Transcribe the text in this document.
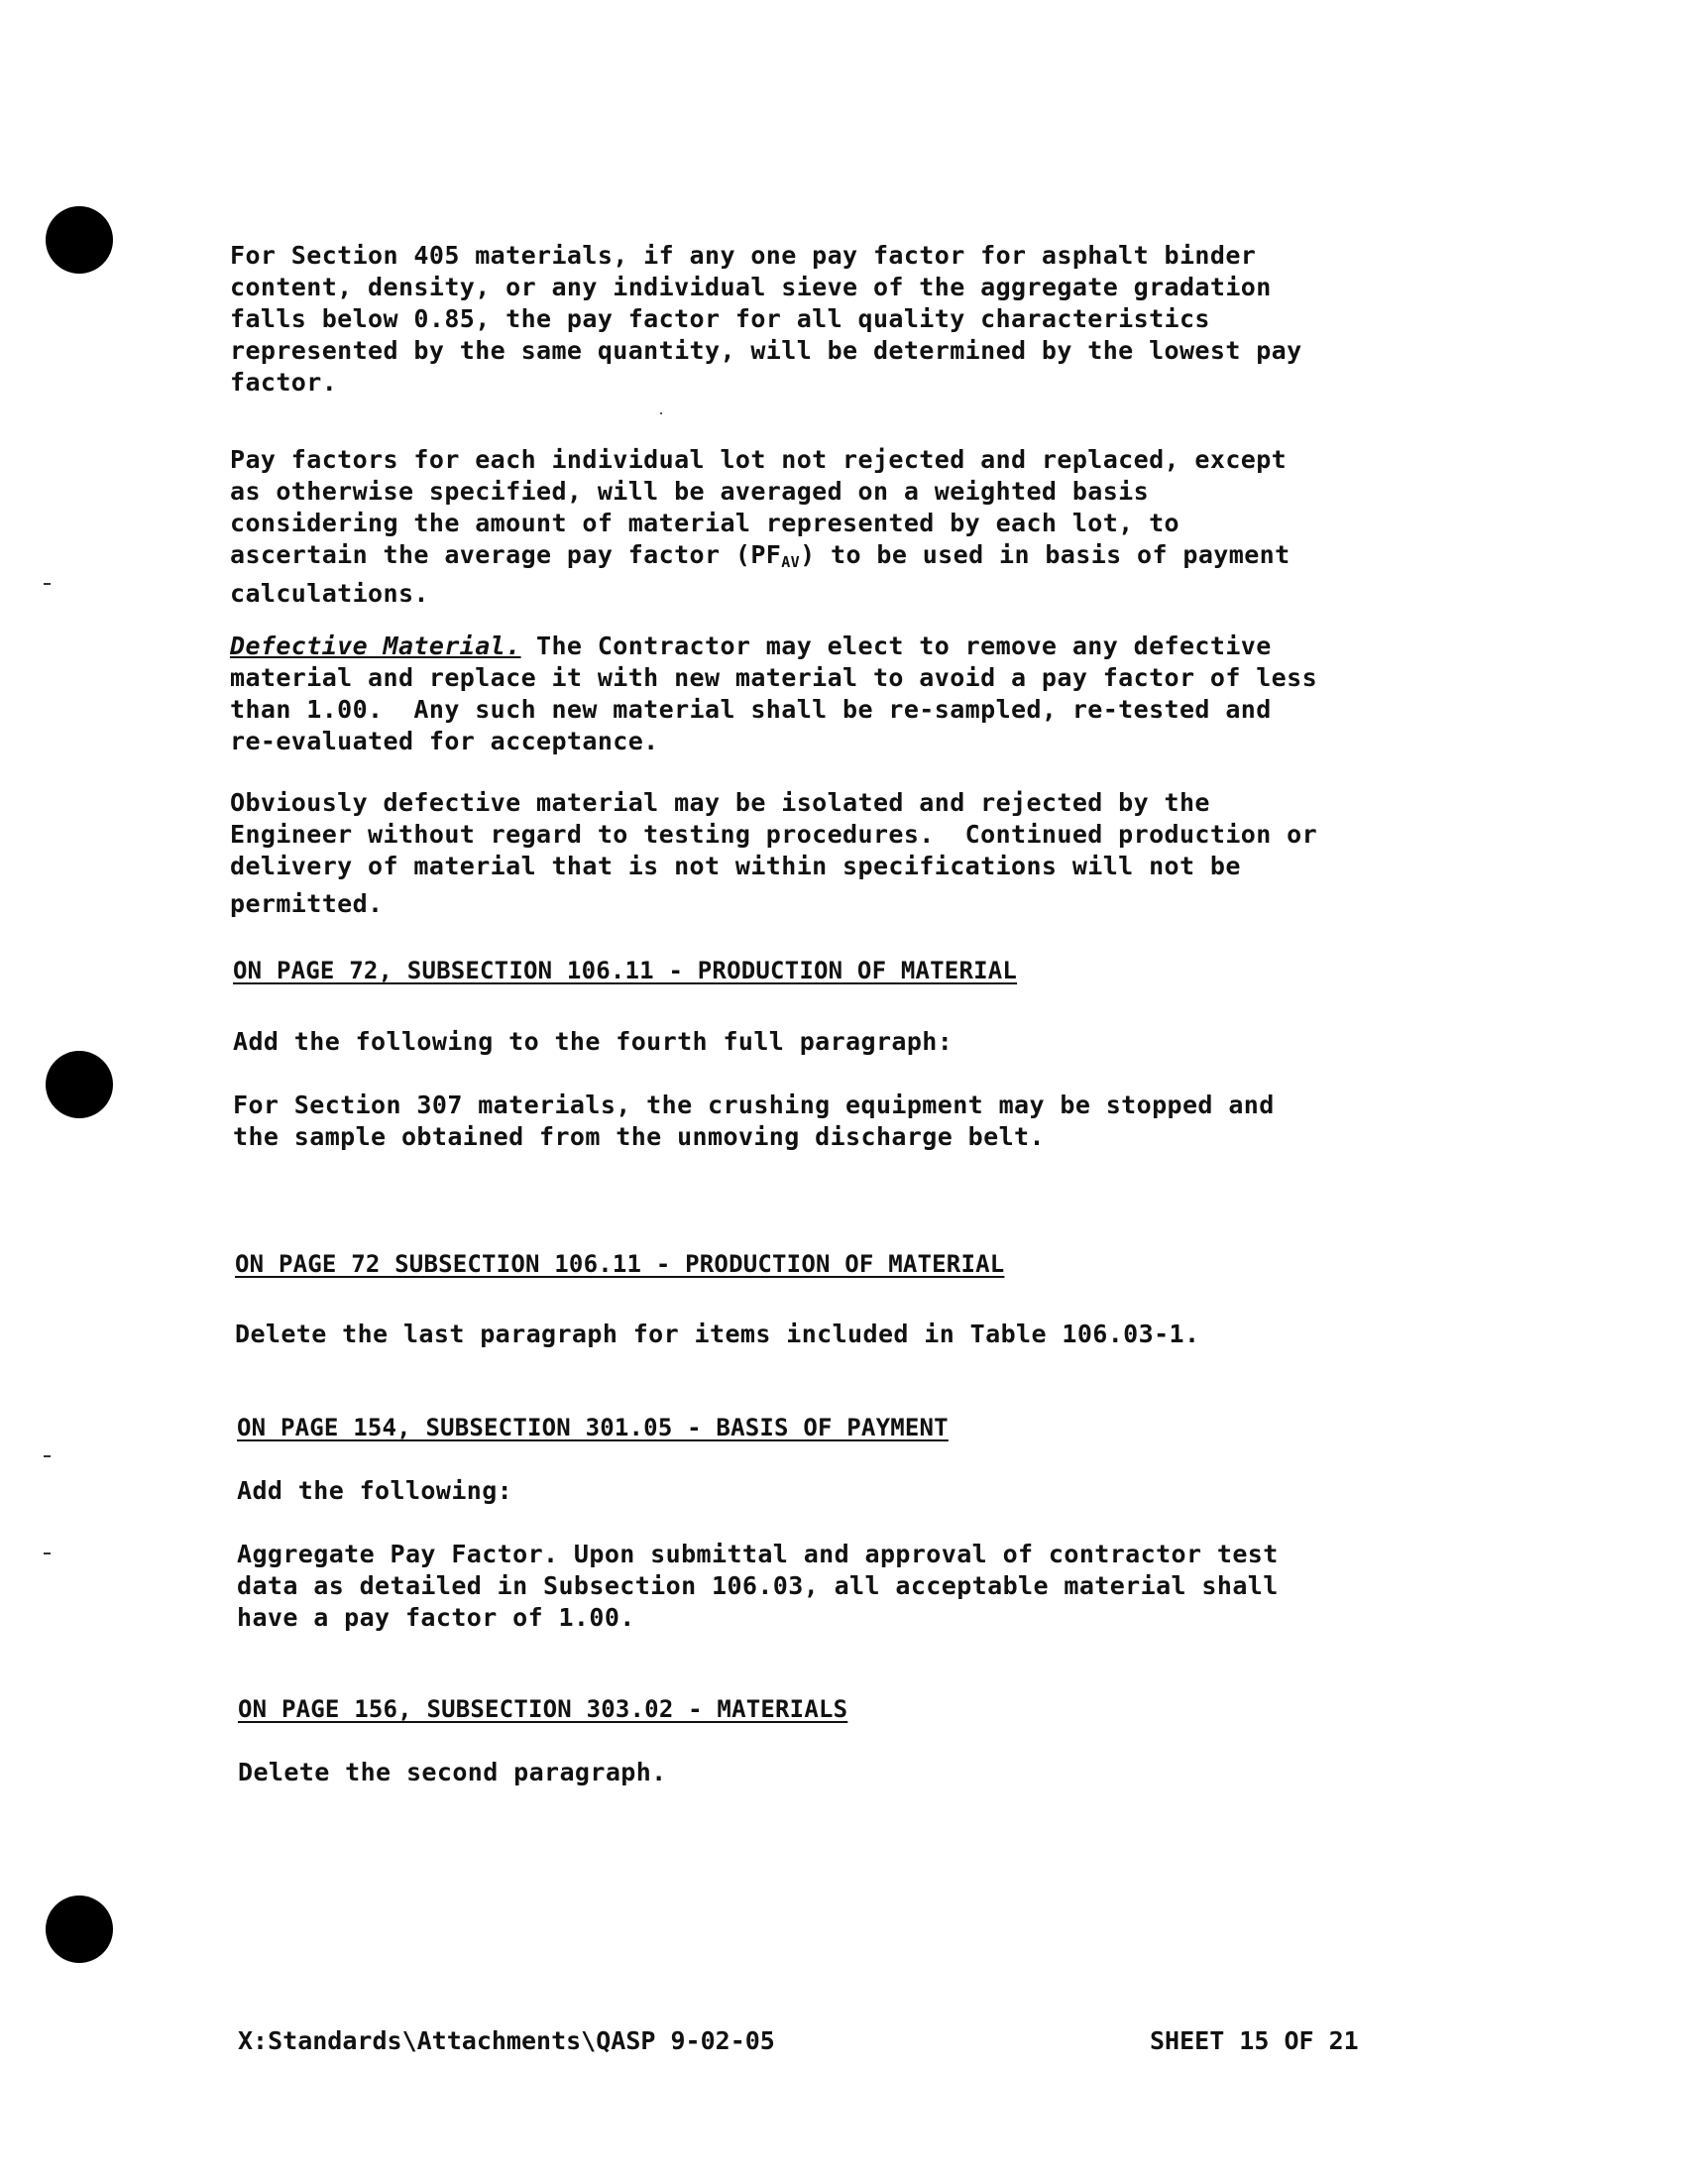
For Section 405 materials, if any one pay factor for asphalt binder
content, density, or any individual sieve of the aggregate gradation
falls below 0.85, the pay factor for all quality characteristics
represented by the same quantity, will be determined by the lowest pay
factor.
Pay factors for each individual lot not rejected and replaced, except
as otherwise specified, will be averaged on a weighted basis
considering the amount of material represented by each lot, to
ascertain the average pay factor $(PF_{AV})$ to be used in basis of payment
calculations.
Defective Material. The Contractor may elect to remove any defective
material and replace it with new material to avoid a pay factor of less
than 1.00.  Any such new material shall be re-sampled, re-tested and
re-evaluated for acceptance.
Obviously defective material may be isolated and rejected by the
Engineer without regard to testing procedures.  Continued production or
delivery of material that is not within specifications will not be
permitted.
ON PAGE 72, SUBSECTION 106.11 - PRODUCTION OF MATERIAL
Add the following to the fourth full paragraph:
For Section 307 materials, the crushing equipment may be stopped and
the sample obtained from the unmoving discharge belt.
ON PAGE 72 SUBSECTION 106.11 - PRODUCTION OF MATERIAL
Delete the last paragraph for items included in Table 106.03-1.
ON PAGE 154, SUBSECTION 301.05 - BASIS OF PAYMENT
Add the following:
Aggregate Pay Factor. Upon submittal and approval of contractor test
data as detailed in Subsection 106.03, all acceptable material shall
have a pay factor of 1.00.
ON PAGE 156, SUBSECTION 303.02 - MATERIALS
Delete the second paragraph.
X:Standards\Attachments\QASP 9-02-05	SHEET 15 OF 21
